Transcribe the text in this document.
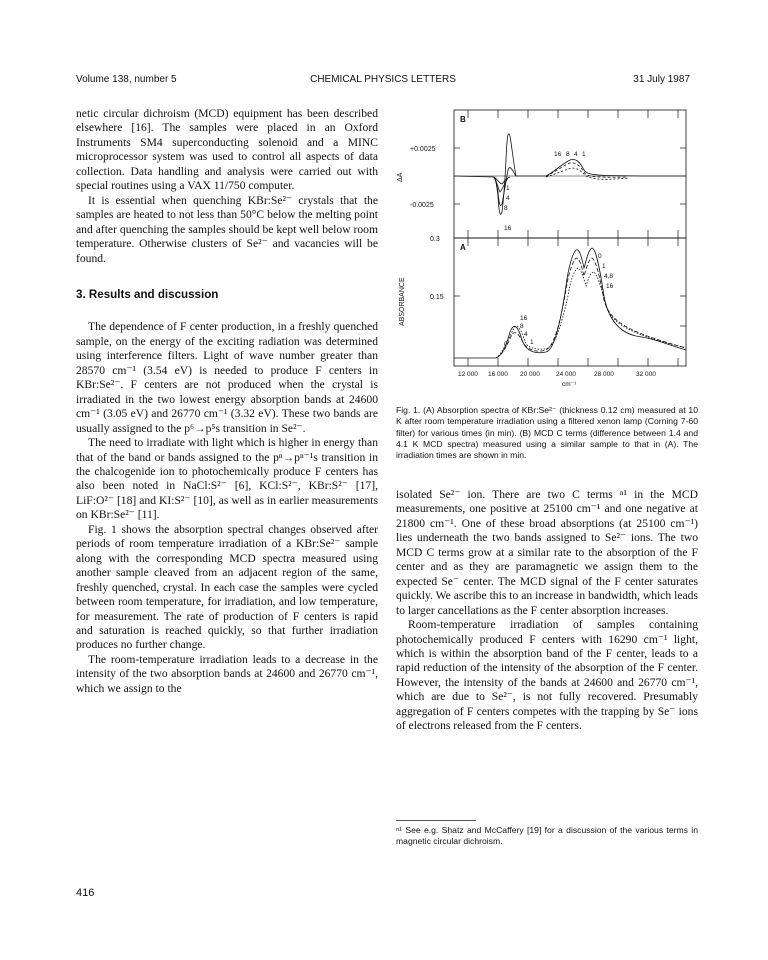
Volume 138, number 5	CHEMICAL PHYSICS LETTERS	31 July 1987

netic circular dichroism (MCD) equipment has been described elsewhere [16]. The samples were placed in an Oxford Instruments SM4 superconducting solenoid and a MINC microprocessor system was used to control all aspects of data collection. Data handling and analysis were carried out with special routines using a VAX 11/750 computer.

It is essential when quenching KBr:Se²⁻ crystals that the samples are heated to not less than 50°C below the melting point and after quenching the samples should be kept well below room temperature. Otherwise clusters of Se²⁻ and vacancies will be found.

3. Results and discussion

The dependence of F center production, in a freshly quenched sample, on the energy of the exciting radiation was determined using interference filters. Light of wave number greater than 28570 cm⁻¹ (3.54 eV) is needed to produce F centers in KBr:Se²⁻. F centers are not produced when the crystal is irradiated in the two lowest energy absorption bands at 24600 cm⁻¹ (3.05 eV) and 26770 cm⁻¹ (3.32 eV). These two bands are usually assigned to the p⁶→p⁵s transition in Se²⁻.

The need to irradiate with light which is higher in energy than that of the band or bands assigned to the pⁿ→pⁿ⁻¹s transition in the chalcogenide ion to photochemically produce F centers has also been noted in NaCl:S²⁻ [6], KCl:S²⁻, KBr:S²⁻ [17], LiF:O²⁻ [18] and KI:S²⁻ [10], as well as in earlier measurements on KBr:Se²⁻ [11].

Fig. 1 shows the absorption spectral changes observed after periods of room temperature irradiation of a KBr:Se²⁻ sample along with the corresponding MCD spectra measured using another sample cleaved from an adjacent region of the same, freshly quenched, crystal. In each case the samples were cycled between room temperature, for irradiation, and low temperature, for measurement. The rate of production of F centers is rapid and saturation is reached quickly, so that further irradiation produces no further change.

The room-temperature irradiation leads to a decrease in the intensity of the two absorption bands at 24600 and 26770 cm⁻¹, which we assign to the

B
A
+0.0025
-0.0025
0.3
0.15
ΔA
ABSORBANCE
12 000 16 000 20 000 24 000	28 000	32 000
cm⁻¹
16 8 4 1
1
4
8
16
0
1
4,8
16
16
8
4
1
0
Fig. 1. (A) Absorption spectra of KBr:Se²⁻ (thickness 0.12 cm) measured at 10 K after room temperature irradiation using a filtered xenon lamp (Corning 7-60 filter) for various times (in min). (B) MCD C terms (difference between 1.4 and 4.1 K MCD spectra) measured using a similar sample to that in (A). The irradiation times are shown in min.

isolated Se²⁻ ion. There are two C terms ⁿ¹ in the MCD measurements, one positive at 25100 cm⁻¹ and one negative at 21800 cm⁻¹. One of these broad absorptions (at 25100 cm⁻¹) lies underneath the two bands assigned to Se²⁻ ions. The two MCD C terms grow at a similar rate to the absorption of the F center and as they are paramagnetic we assign them to the expected Se⁻ center. The MCD signal of the F center saturates quickly. We ascribe this to an increase in bandwidth, which leads to larger cancellations as the F center absorption increases.

Room-temperature irradiation of samples containing photochemically produced F centers with 16290 cm⁻¹ light, which is within the absorption band of the F center, leads to a rapid reduction of the intensity of the absorption of the F center. However, the intensity of the bands at 24600 and 26770 cm⁻¹, which are due to Se²⁻, is not fully recovered. Presumably aggregation of F centers competes with the trapping by Se⁻ ions of electrons released from the F centers.

ⁿ¹ See e.g. Shatz and McCaffery [19] for a discussion of the various terms in magnetic circular dichroism.
416
